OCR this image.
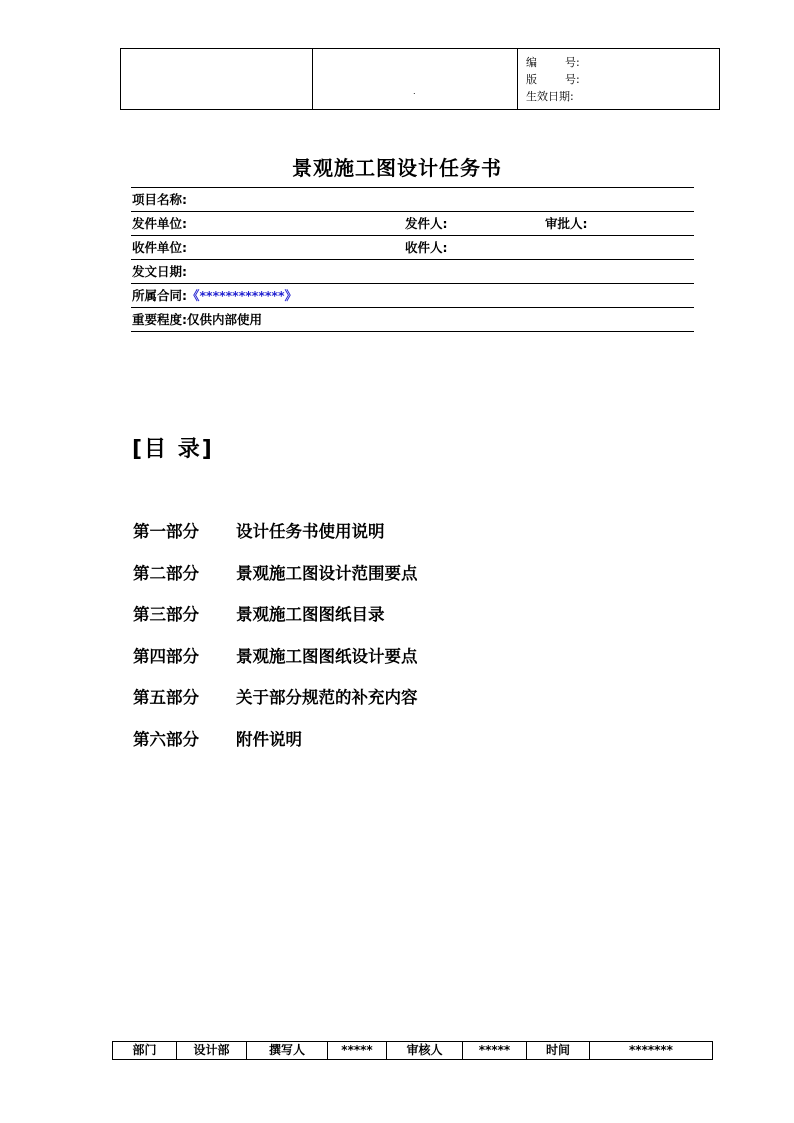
.
编        号:
版        号:
生效日期:
景观施工图设计任务书
项目名称:
发件单位:	发件人:	审批人:
收件单位:	收件人:
发文日期:
所属合同:《*************》
重要程度:仅供内部使用
[目 录]
第一部分 设计任务书使用说明
第二部分 景观施工图设计范围要点
第三部分 景观施工图图纸目录
第四部分 景观施工图图纸设计要点
第五部分 关于部分规范的补充内容
第六部分 附件说明
部门	设计部	撰写人	*****	审核人	*****	时间	*******
